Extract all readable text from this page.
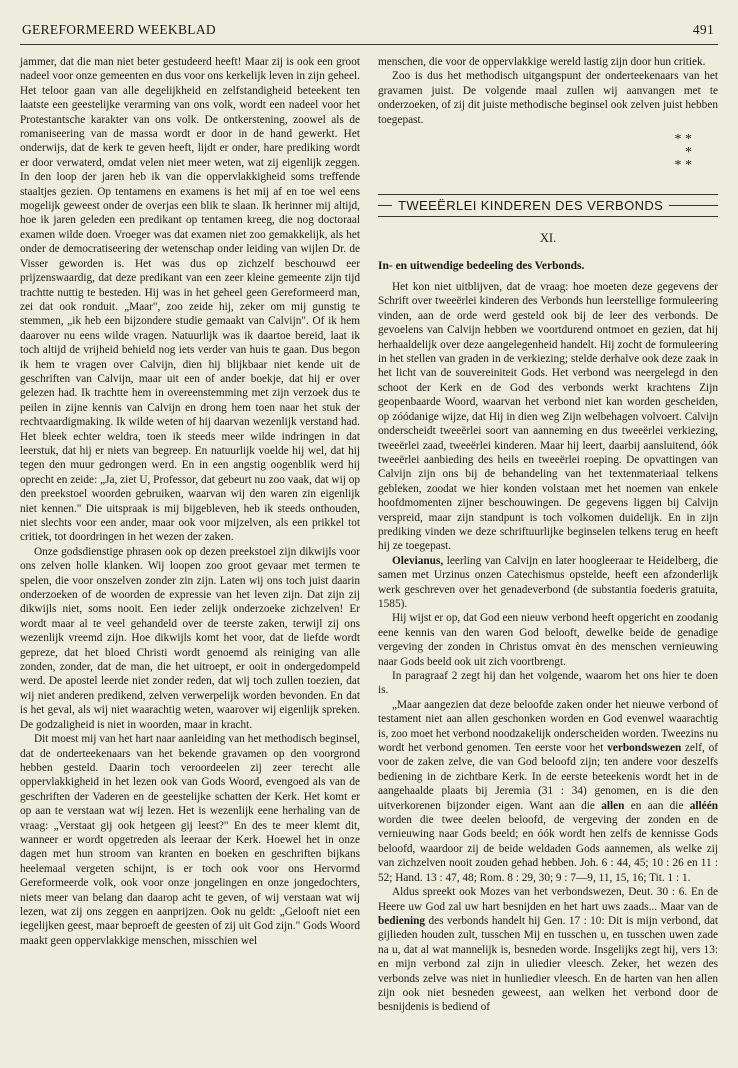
GEREFORMEERD WEEKBLAD	491

jammer, dat die man niet beter gestudeerd heeft! Maar zij is ook een groot nadeel voor onze gemeenten en dus voor ons kerkelijk leven in zijn geheel. Het teloor gaan van alle degelijkheid en zelfstandigheid beteekent ten laatste een geestelijke verarming van ons volk, wordt een nadeel voor het Protestantsche karakter van ons volk. De ontkerstening, zoowel als de romaniseering van de massa wordt er door in de hand gewerkt. Het onderwijs, dat de kerk te geven heeft, lijdt er onder, hare prediking wordt er door verwaterd, omdat velen niet meer weten, wat zij eigenlijk zeggen. In den loop der jaren heb ik van die oppervlakkigheid soms treffende staaltjes gezien. Op tentamens en examens is het mij af en toe wel eens mogelijk geweest onder de overjas een blik te slaan. Ik herinner mij altijd, hoe ik jaren geleden een predikant op tentamen kreeg, die nog doctoraal examen wilde doen. Vroeger was dat examen niet zoo gemakkelijk, als het onder de democratiseering der wetenschap onder leiding van wijlen Dr. de Visser geworden is. Het was dus op zichzelf beschouwd eer prijzenswaardig, dat deze predikant van een zeer kleine gemeente zijn tijd trachtte nuttig te besteden. Hij was in het geheel geen Gereformeerd man, zei dat ook ronduit. „Maar", zoo zeide hij, zeker om mij gunstig te stemmen, „ik heb een bijzondere studie gemaakt van Calvijn". Of ik hem daarover nu eens wilde vragen. Natuurlijk was ik daartoe bereid, laat ik toch altijd de vrijheid behield nog iets verder van huis te gaan. Dus begon ik hem te vragen over Calvijn, dien hij blijkbaar niet kende uit de geschriften van Calvijn, maar uit een of ander boekje, dat hij er over gelezen had. Ik trachtte hem in overeenstemming met zijn verzoek dus te peilen in zijne kennis van Calvijn en drong hem toen naar het stuk der rechtvaardigmaking. Ik wilde weten of hij daarvan wezenlijk verstand had. Het bleek echter weldra, toen ik steeds meer wilde indringen in dat leerstuk, dat hij er niets van begreep. En natuurlijk voelde hij wel, dat hij tegen den muur gedrongen werd. En in een angstig oogenblik werd hij oprecht en zeide: „Ja, ziet U, Professor, dat gebeurt nu zoo vaak, dat wij op den preekstoel woorden gebruiken, waarvan wij den waren zin eigenlijk niet kennen." Die uitspraak is mij bijgebleven, heb ik steeds onthouden, niet slechts voor een ander, maar ook voor mijzelven, als een prikkel tot critiek, tot doordringen in het wezen der zaken.

Onze godsdienstige phrasen ook op dezen preekstoel zijn dikwijls voor ons zelven holle klanken. Wij loopen zoo groot gevaar met termen te spelen, die voor onszelven zonder zin zijn. Laten wij ons toch juist daarin onderzoeken of de woorden de expressie van het leven zijn. Dat zijn zij dikwijls niet, soms nooit. Een ieder zelijk onderzoeke zichzelven! Er wordt maar al te veel gehandeld over de teerste zaken, terwijl zij ons wezenlijk vreemd zijn. Hoe dikwijls komt het voor, dat de liefde wordt gepreze, dat het bloed Christi wordt genoemd als reiniging van alle zonden, zonder, dat de man, die het uitroept, er ooit in ondergedompeld werd. De apostel leerde niet zonder reden, dat wij toch zullen toezien, dat wij niet anderen predikend, zelven verwerpelijk worden bevonden. En dat is het geval, als wij niet waarachtig weten, waarover wij eigenlijk spreken. De godzaligheid is niet in woorden, maar in kracht.

Dit moest mij van het hart naar aanleiding van het methodisch beginsel, dat de onderteekenaars van het bekende gravamen op den voorgrond hebben gesteld. Daarin toch veroordeelen zij zeer terecht alle oppervlakkigheid in het lezen ook van Gods Woord, evengoed als van de geschriften der Vaderen en de geestelijke schatten der Kerk. Het komt er op aan te verstaan wat wij lezen. Het is wezenlijk eene herhaling van de vraag: „Verstaat gij ook hetgeen gij leest?" En des te meer klemt dit, wanneer er wordt opgetreden als leeraar der Kerk. Hoewel het in onze dagen met hun stroom van kranten en boeken en geschriften bijkans heelemaal vergeten schijnt, is er toch ook voor ons Hervormd Gereformeerde volk, ook voor onze jongelingen en onze jongedochters, niets meer van belang dan daarop acht te geven, of wij verstaan wat wij lezen, wat zij ons zeggen en aanprijzen. Ook nu geldt: „Gelooft niet een iegelijken geest, maar beproeft de geesten of zij uit God zijn." Gods Woord maakt geen oppervlakkige menschen, misschien wel

menschen, die voor de oppervlakkige wereld lastig zijn door hun critiek.

Zoo is dus het methodisch uitgangspunt der onderteekenaars van het gravamen juist. De volgende maal zullen wij aanvangen met te onderzoeken, of zij dit juiste methodische beginsel ook zelven juist hebben toegepast.

* *
*
* *
TWEEËRLEI KINDEREN DES VERBONDS
XI.
In- en uitwendige bedeeling des Verbonds.

Het kon niet uitblijven, dat de vraag: hoe moeten deze gegevens der Schrift over tweeërlei kinderen des Verbonds hun leerstellige formuleering vinden, aan de orde werd gesteld ook bij de leer des verbonds. De gevoelens van Calvijn hebben we voortdurend ontmoet en gezien, dat hij herhaaldelijk over deze aangelegenheid handelt. Hij zocht de formuleering in het stellen van graden in de verkiezing; stelde derhalve ook deze zaak in het licht van de souvereiniteit Gods. Het verbond was neergelegd in den schoot der Kerk en de God des verbonds werkt krachtens Zijn geopenbaarde Woord, waarvan het verbond niet kan worden gescheiden, op zóódanige wijze, dat Hij in dien weg Zijn welbehagen volvoert. Calvijn onderscheidt tweeërlei soort van aanneming en dus tweeërlei verkiezing, tweeërlei zaad, tweeërlei kinderen. Maar hij leert, daarbij aansluitend, óók tweeërlei aanbieding des heils en tweeërlei roeping. De opvattingen van Calvijn zijn ons bij de behandeling van het textenmateriaal telkens gebleken, zoodat we hier konden volstaan met het noemen van enkele hoofdmomenten zijner beschouwingen. De gegevens liggen bij Calvijn verspreid, maar zijn standpunt is toch volkomen duidelijk. En in zijn prediking vinden we deze schriftuurlijke beginselen telkens terug en heeft hij ze toegepast.

Olevianus, leerling van Calvijn en later hoogleeraar te Heidelberg, die samen met Urzinus onzen Catechismus opstelde, heeft een afzonderlijk werk geschreven over het genadeverbond (de substantia foederis gratuita, 1585).

Hij wijst er op, dat God een nieuw verbond heeft opgericht en zoodanig eene kennis van den waren God belooft, dewelke beide de genadige vergeving der zonden in Christus omvat èn des menschen vernieuwing naar Gods beeld ook uit zich voortbrengt.

In paragraaf 2 zegt hij dan het volgende, waarom het ons hier te doen is.

„Maar aangezien dat deze beloofde zaken onder het nieuwe verbond of testament niet aan allen geschonken worden en God evenwel waarachtig is, zoo moet het verbond noodzakelijk onderscheiden worden. Tweezins nu wordt het verbond genomen. Ten eerste voor het verbondswezen zelf, of voor de zaken zelve, die van God beloofd zijn; ten andere voor deszelfs bediening in de zichtbare Kerk. In de eerste beteekenis wordt het in de aangehaalde plaats bij Jeremia (31 : 34) genomen, en is die den uitverkorenen bijzonder eigen. Want aan die allen en aan die alléén worden die twee deelen beloofd, de vergeving der zonden en de vernieuwing naar Gods beeld; en óók wordt hen zelfs de kennisse Gods beloofd, waardoor zij de beide weldaden Gods aannemen, als welke zij van zichzelven nooit zouden gehad hebben. Joh. 6 : 44, 45; 10 : 26 en 11 : 52; Hand. 13 : 47, 48; Rom. 8 : 29, 30; 9 : 7—9, 11, 15, 16; Tit. 1 : 1.

Aldus spreekt ook Mozes van het verbondswezen, Deut. 30 : 6. En de Heere uw God zal uw hart besnijden en het hart uws zaads... Maar van de bediening des verbonds handelt hij Gen. 17 : 10: Dit is mijn verbond, dat gijlieden houden zult, tusschen Mij en tusschen u, en tusschen uwen zade na u, dat al wat mannelijk is, besneden worde. Insgelijks zegt hij, vers 13: en mijn verbond zal zijn in uliedier vleesch. Zeker, het wezen des verbonds zelve was niet in hunliedier vleesch. En de harten van hen allen zijn ook niet besneden geweest, aan welken het verbond door de besnijdenis is bediend of
